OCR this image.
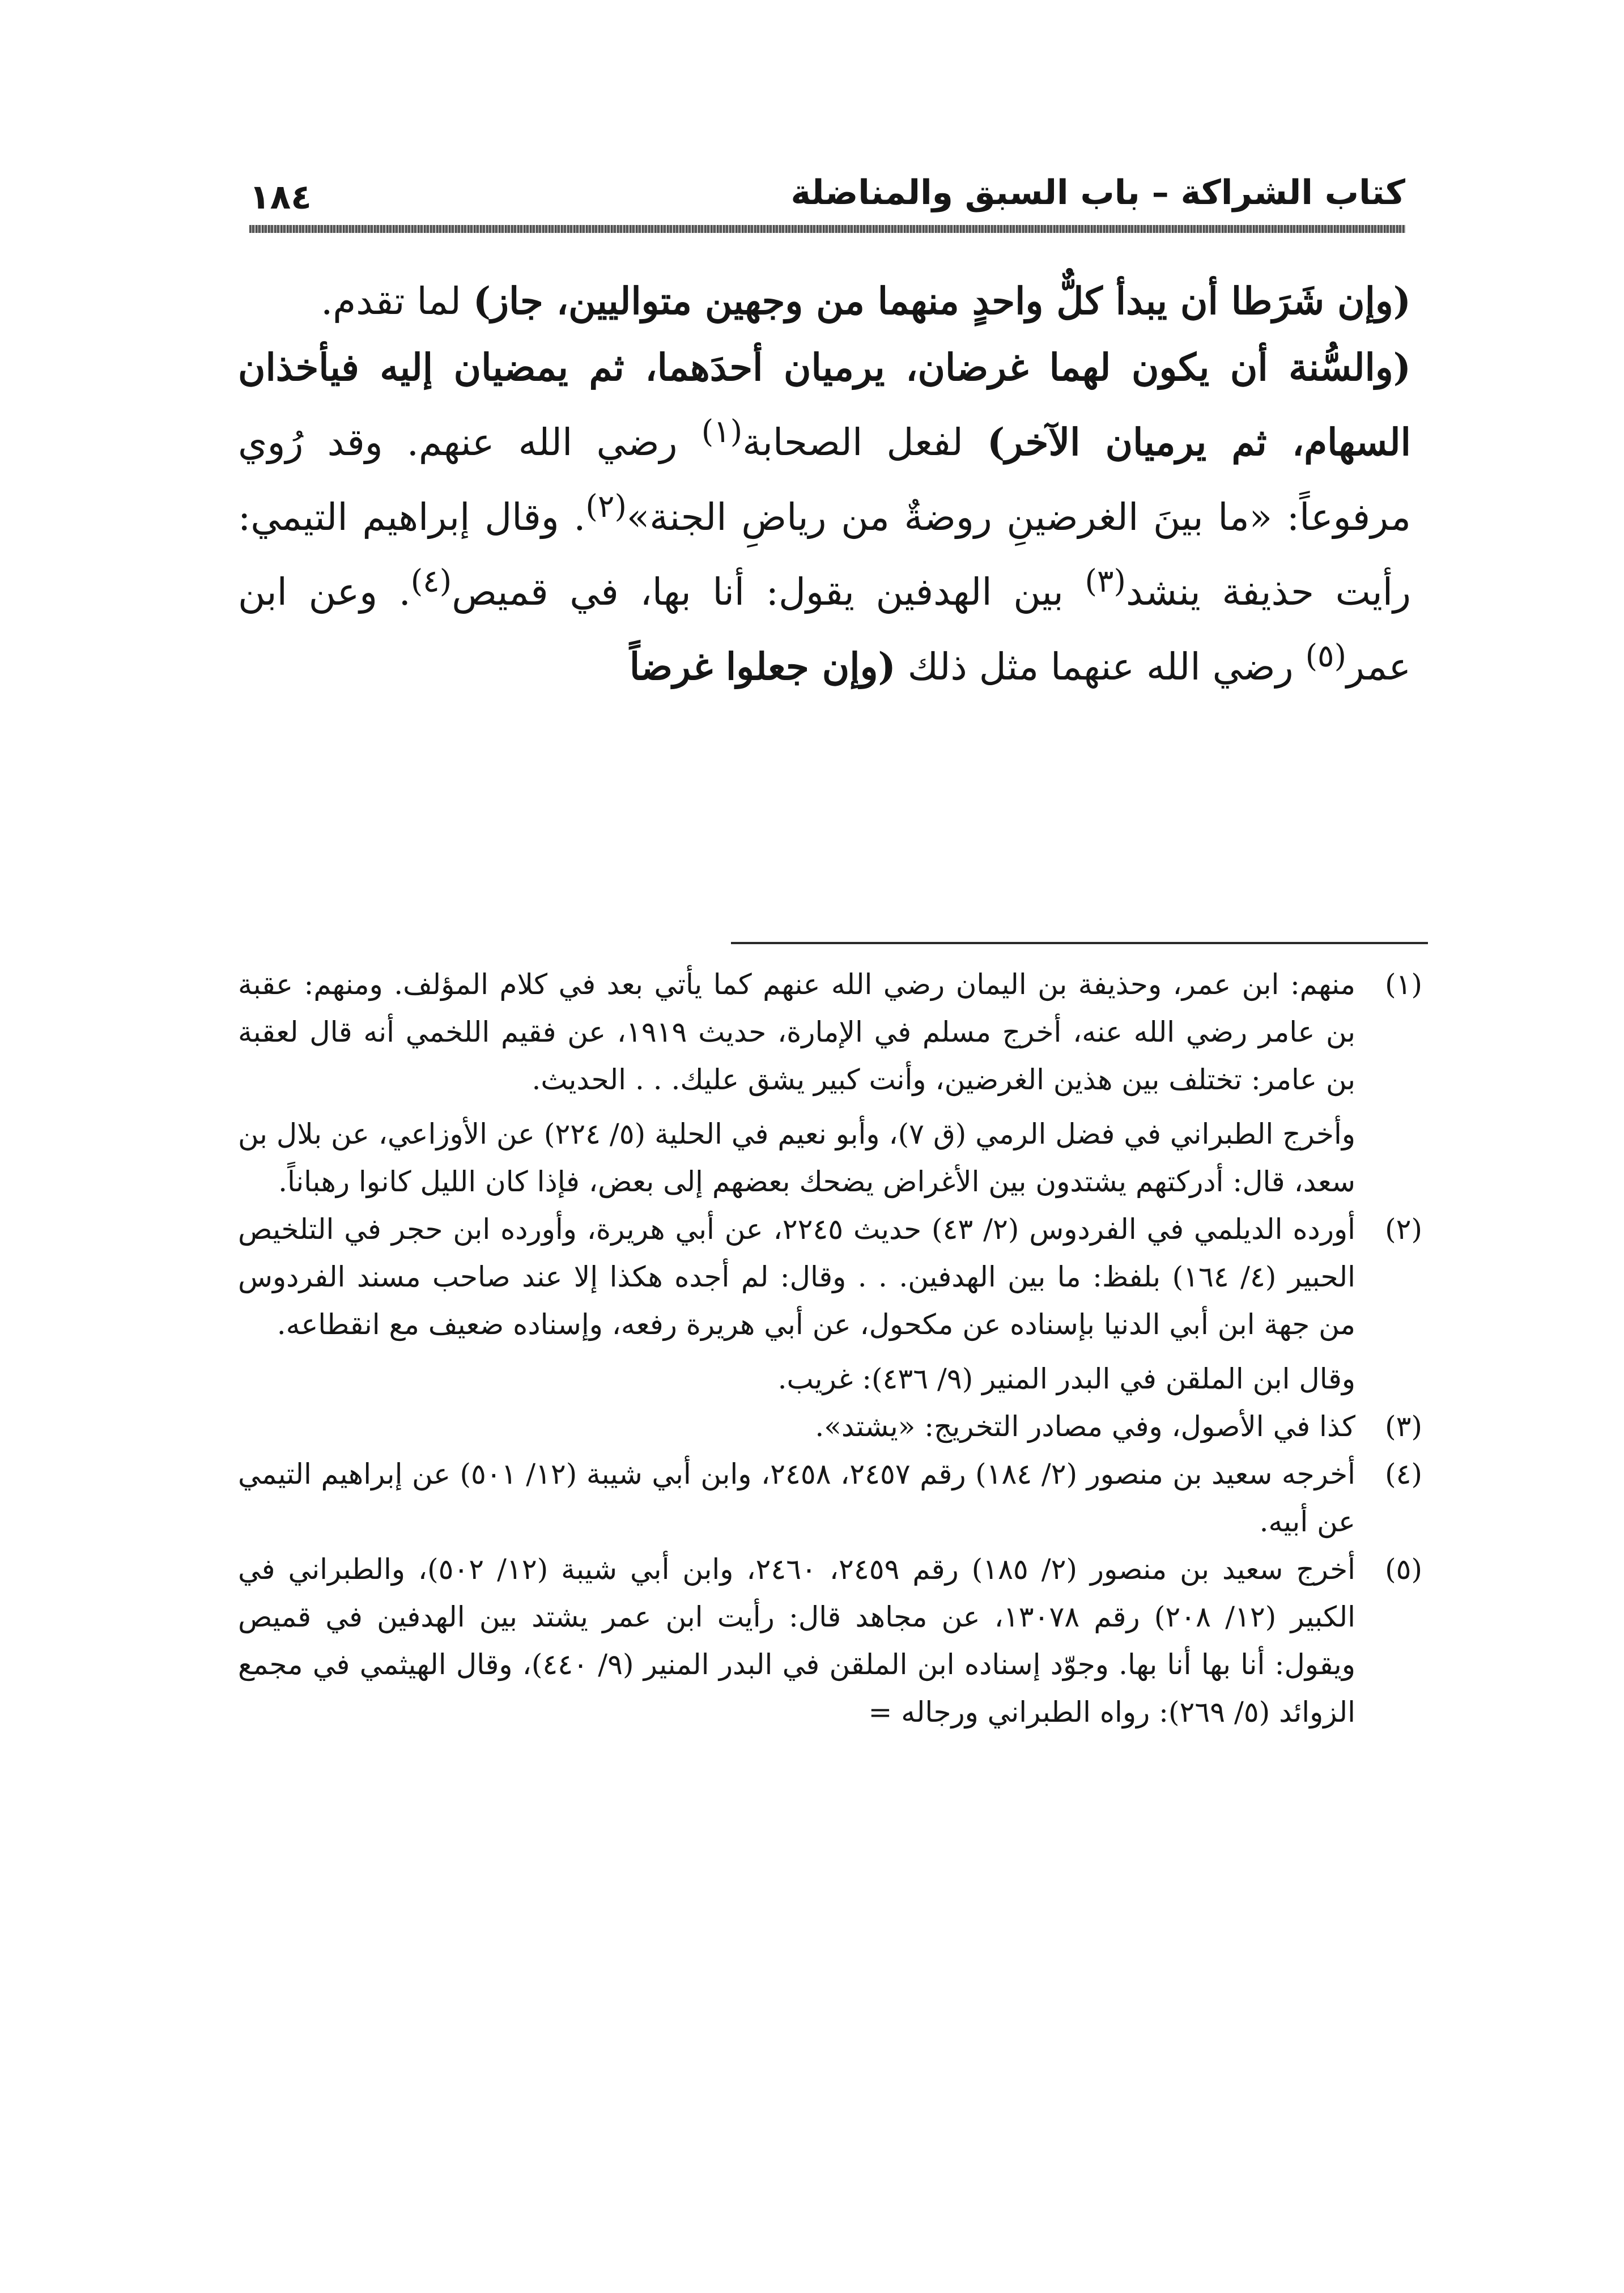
كتاب الشراكة – باب السبق والمناضلة
١٨٤

(وإن شَرَطا أن يبدأ كلٌّ واحدٍ منهما من وجهين متواليين، جاز) لما تقدم.

(والسُّنة أن يكون لهما غرضان، يرميان أحدَهما، ثم يمضيان إليه فيأخذان السهام، ثم يرميان الآخر) لفعل الصحابة$^{(١)}$ رضي الله عنهم. وقد رُوي مرفوعاً: «ما بينَ الغرضينِ روضةٌ من رياضِ الجنة»$^{(٢)}$. وقال إبراهيم التيمي: رأيت حذيفة ينشد$^{(٣)}$ بين الهدفين يقول: أنا بها، في قميص$^{(٤)}$. وعن ابن عمر$^{(٥)}$ رضي الله عنهما مثل ذلك (وإن جعلوا غرضاً

(١)

منهم: ابن عمر، وحذيفة بن اليمان رضي الله عنهم كما يأتي بعد في كلام المؤلف. ومنهم: عقبة بن عامر رضي الله عنه، أخرج مسلم في الإمارة، حديث ١٩١٩، عن فقيم اللخمي أنه قال لعقبة بن عامر: تختلف بين هذين الغرضين، وأنت كبير يشق عليك. . . الحديث.

وأخرج الطبراني في فضل الرمي (ق ٧)، وأبو نعيم في الحلية (٥/ ٢٢٤) عن الأوزاعي، عن بلال بن سعد، قال: أدركتهم يشتدون بين الأغراض يضحك بعضهم إلى بعض، فإذا كان الليل كانوا رهباناً.

(٢)

أورده الديلمي في الفردوس (٢/ ٤٣) حديث ٢٢٤٥، عن أبي هريرة، وأورده ابن حجر في التلخيص الحبير (٤/ ١٦٤) بلفظ: ما بين الهدفين. . . وقال: لم أجده هكذا إلا عند صاحب مسند الفردوس من جهة ابن أبي الدنيا بإسناده عن مكحول، عن أبي هريرة رفعه، وإسناده ضعيف مع انقطاعه.

وقال ابن الملقن في البدر المنير (٩/ ٤٣٦): غريب.

(٣)

كذا في الأصول، وفي مصادر التخريج: «يشتد».

(٤)

أخرجه سعيد بن منصور (٢/ ١٨٤) رقم ٢٤٥٧، ٢٤٥٨، وابن أبي شيبة (١٢/ ٥٠١) عن إبراهيم التيمي عن أبيه.

(٥)

أخرج سعيد بن منصور (٢/ ١٨٥) رقم ٢٤٥٩، ٢٤٦٠، وابن أبي شيبة (١٢/ ٥٠٢)، والطبراني في الكبير (١٢/ ٢٠٨) رقم ١٣٠٧٨، عن مجاهد قال: رأيت ابن عمر يشتد بين الهدفين في قميص ويقول: أنا بها أنا بها. وجوّد إسناده ابن الملقن في البدر المنير (٩/ ٤٤٠)، وقال الهيثمي في مجمع الزوائد (٥/ ٢٦٩): رواه الطبراني ورجاله =
